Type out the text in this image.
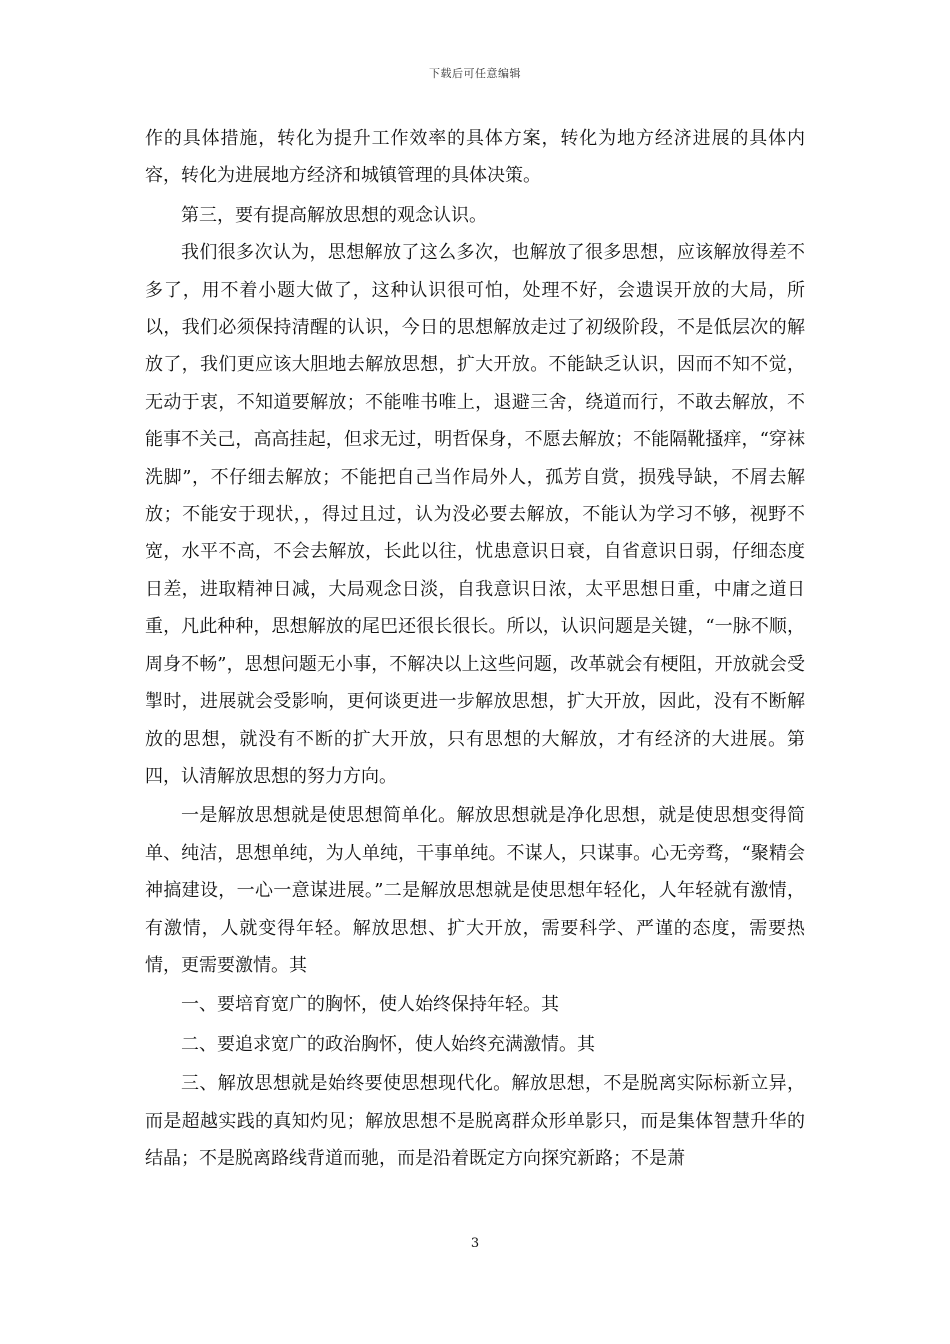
下载后可任意编辑

作的具体措施，转化为提升工作效率的具体方案，转化为地方经济进展的具体内容，转化为进展地方经济和城镇管理的具体决策。

第三，要有提高解放思想的观念认识。

我们很多次认为，思想解放了这么多次，也解放了很多思想，应该解放得差不多了，用不着小题大做了，这种认识很可怕，处理不好，会遗误开放的大局，所以，我们必须保持清醒的认识，今日的思想解放走过了初级阶段，不是低层次的解放了，我们更应该大胆地去解放思想，扩大开放。不能缺乏认识，因而不知不觉，无动于衷，不知道要解放；不能唯书唯上，退避三舍，绕道而行，不敢去解放，不能事不关己，高高挂起，但求无过，明哲保身，不愿去解放；不能隔靴搔痒，“穿袜洗脚”，不仔细去解放；不能把自己当作局外人，孤芳自赏，损残导缺，不屑去解放；不能安于现状，，得过且过，认为没必要去解放，不能认为学习不够，视野不宽，水平不高，不会去解放，长此以往，忧患意识日衰，自省意识日弱，仔细态度日差，进取精神日减，大局观念日淡，自我意识日浓，太平思想日重，中庸之道日重，凡此种种，思想解放的尾巴还很长很长。所以，认识问题是关键，“一脉不顺，周身不畅”，思想问题无小事，不解决以上这些问题，改革就会有梗阻，开放就会受掣时，进展就会受影响，更何谈更进一步解放思想，扩大开放，因此，没有不断解放的思想，就没有不断的扩大开放，只有思想的大解放，才有经济的大进展。第四，认清解放思想的努力方向。

一是解放思想就是使思想简单化。解放思想就是净化思想，就是使思想变得简单、纯洁，思想单纯，为人单纯，干事单纯。不谋人，只谋事。心无旁骛，“聚精会神搞建设，一心一意谋进展。”二是解放思想就是使思想年轻化，人年轻就有激情，有激情，人就变得年轻。解放思想、扩大开放，需要科学、严谨的态度，需要热情，更需要激情。其

一、要培育宽广的胸怀，使人始终保持年轻。其

二、要追求宽广的政治胸怀，使人始终充满激情。其

三、解放思想就是始终要使思想现代化。解放思想，不是脱离实际标新立异，而是超越实践的真知灼见；解放思想不是脱离群众形单影只，而是集体智慧升华的结晶；不是脱离路线背道而驰，而是沿着既定方向探究新路；不是萧

3
